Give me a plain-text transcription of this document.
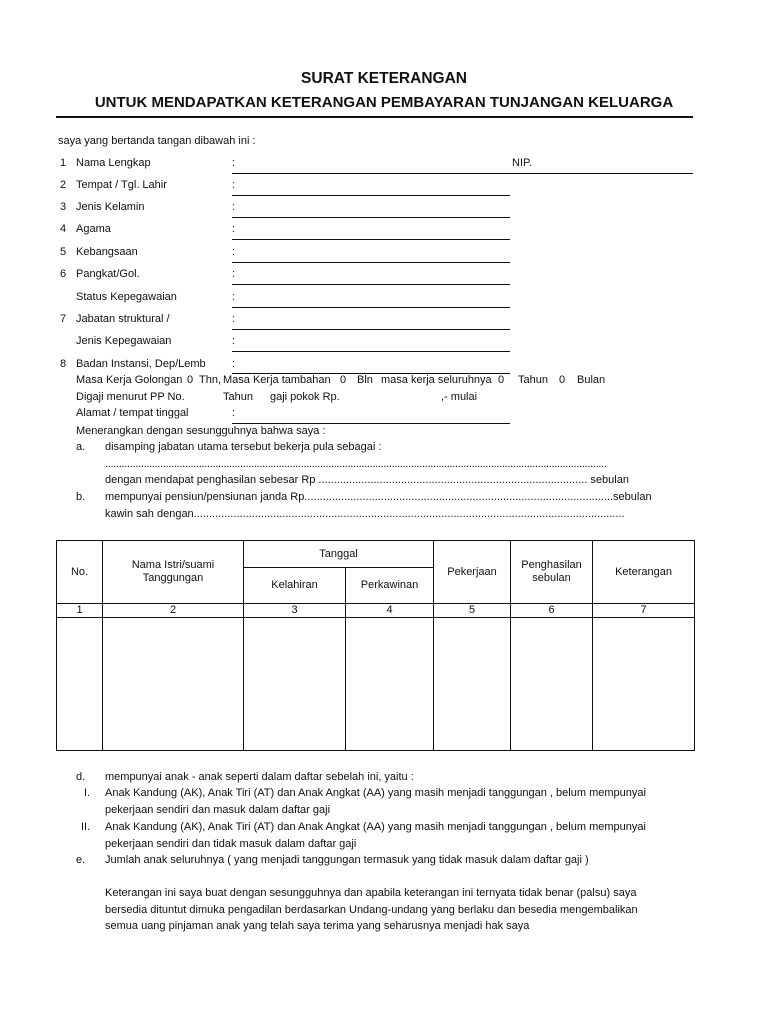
SURAT KETERANGAN
UNTUK MENDAPATKAN KETERANGAN PEMBAYARAN TUNJANGAN KELUARGA
saya yang bertanda tangan dibawah ini :
1 Nama Lengkap	:	NIP.
2 Tempat / Tgl. Lahir	:
3 Jenis Kelamin	:
4 Agama	:
5 Kebangsaan	:
6 Pangkat/Gol.	:
Status Kepegawaian	:
7 Jabatan struktural /	:
Jenis Kepegawaian	:
8 Badan Instansi, Dep/Lemb :
Masa Kerja Golongan 0 Thn, Masa Kerja tambahan 0 Bln masa kerja seluruhnya 0 Tahun 0 Bulan
Digaji menurut PP No.	Tahun gaji pokok Rp.	,- mulai
Alamat / tempat tinggal	:
Menerangkan dengan sesungguhnya bahwa saya :
a. disamping jabatan utama tersebut bekerja pula sebagai :
......................................................................................................................................................................................
dengan mendapat penghasilan sebesar Rp ........................................................................................ sebulan
b. mempunyai pensiun/pensiunan janda Rp.....................................................................................................sebulan
kawin sah dengan.............................................................................................................................................
No.	Nama Istri/suami Tanggungan	Tanggal		Pekerjaan	Penghasilan sebulan	Keterangan
		Kelahiran	Perkawinan			
1	2	3	4	5	6	7

d. mempunyai anak - anak seperti dalam daftar sebelah ini, yaitu :
I. Anak Kandung (AK), Anak Tiri (AT) dan Anak Angkat (AA) yang masih menjadi tanggungan , belum mempunyai
pekerjaan sendiri dan masuk dalam daftar gaji
II. Anak Kandung (AK), Anak Tiri (AT) dan Anak Angkat (AA) yang masih menjadi tanggungan , belum mempunyai
pekerjaan sendiri dan tidak masuk dalam daftar gaji
e. Jumlah anak seluruhnya ( yang menjadi tanggungan termasuk yang tidak masuk dalam daftar gaji )
Keterangan ini saya buat dengan sesungguhnya dan apabila keterangan ini ternyata tidak benar (palsu) saya
bersedia dituntut dimuka pengadilan berdasarkan Undang-undang yang berlaku dan besedia mengembalikan
semua uang pinjaman anak yang telah saya terima yang seharusnya menjadi hak saya
